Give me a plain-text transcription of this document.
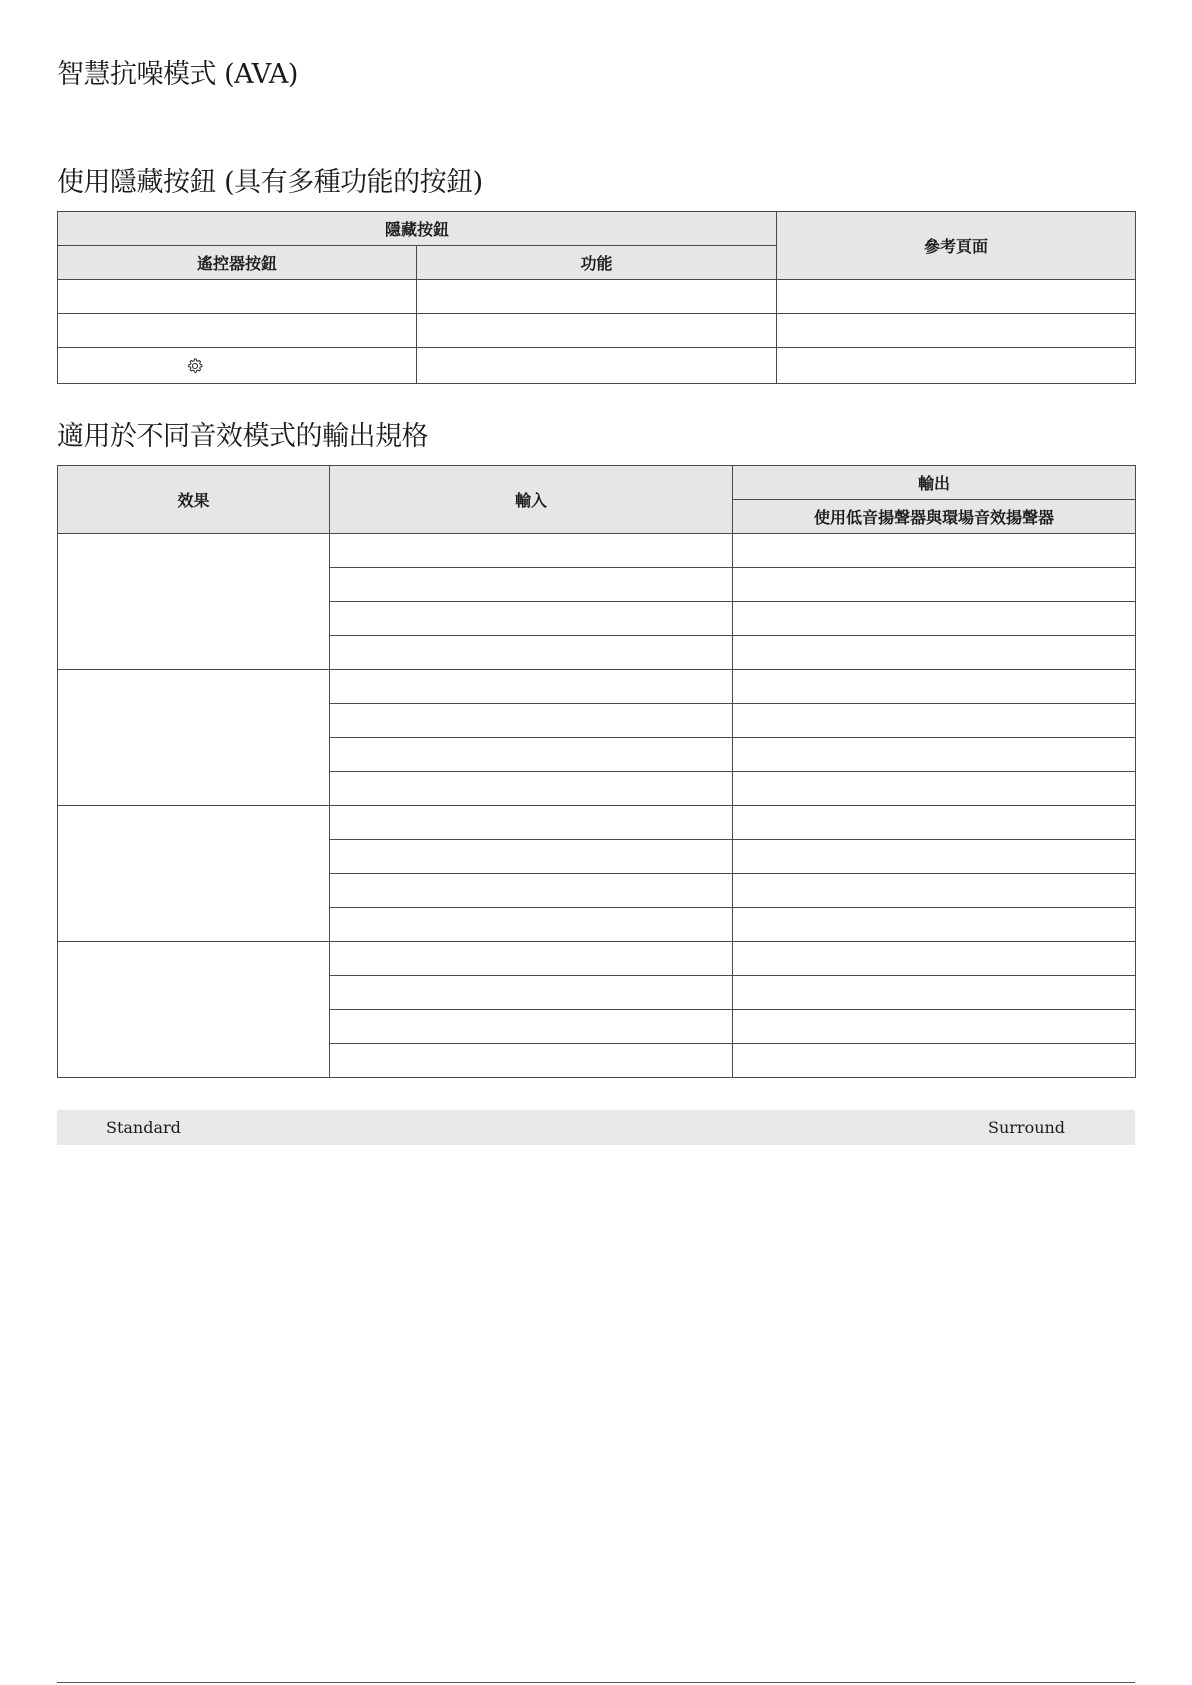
智慧抗噪模式 (AVA)
使用隱藏按鈕 (具有多種功能的按鈕)
隱藏按鈕		參考頁面
遙控器按鈕	功能	

適用於不同音效模式的輸出規格
效果	輸入	輸出
		使用低音揚聲器與環場音效揚聲器

Standard	Surround
